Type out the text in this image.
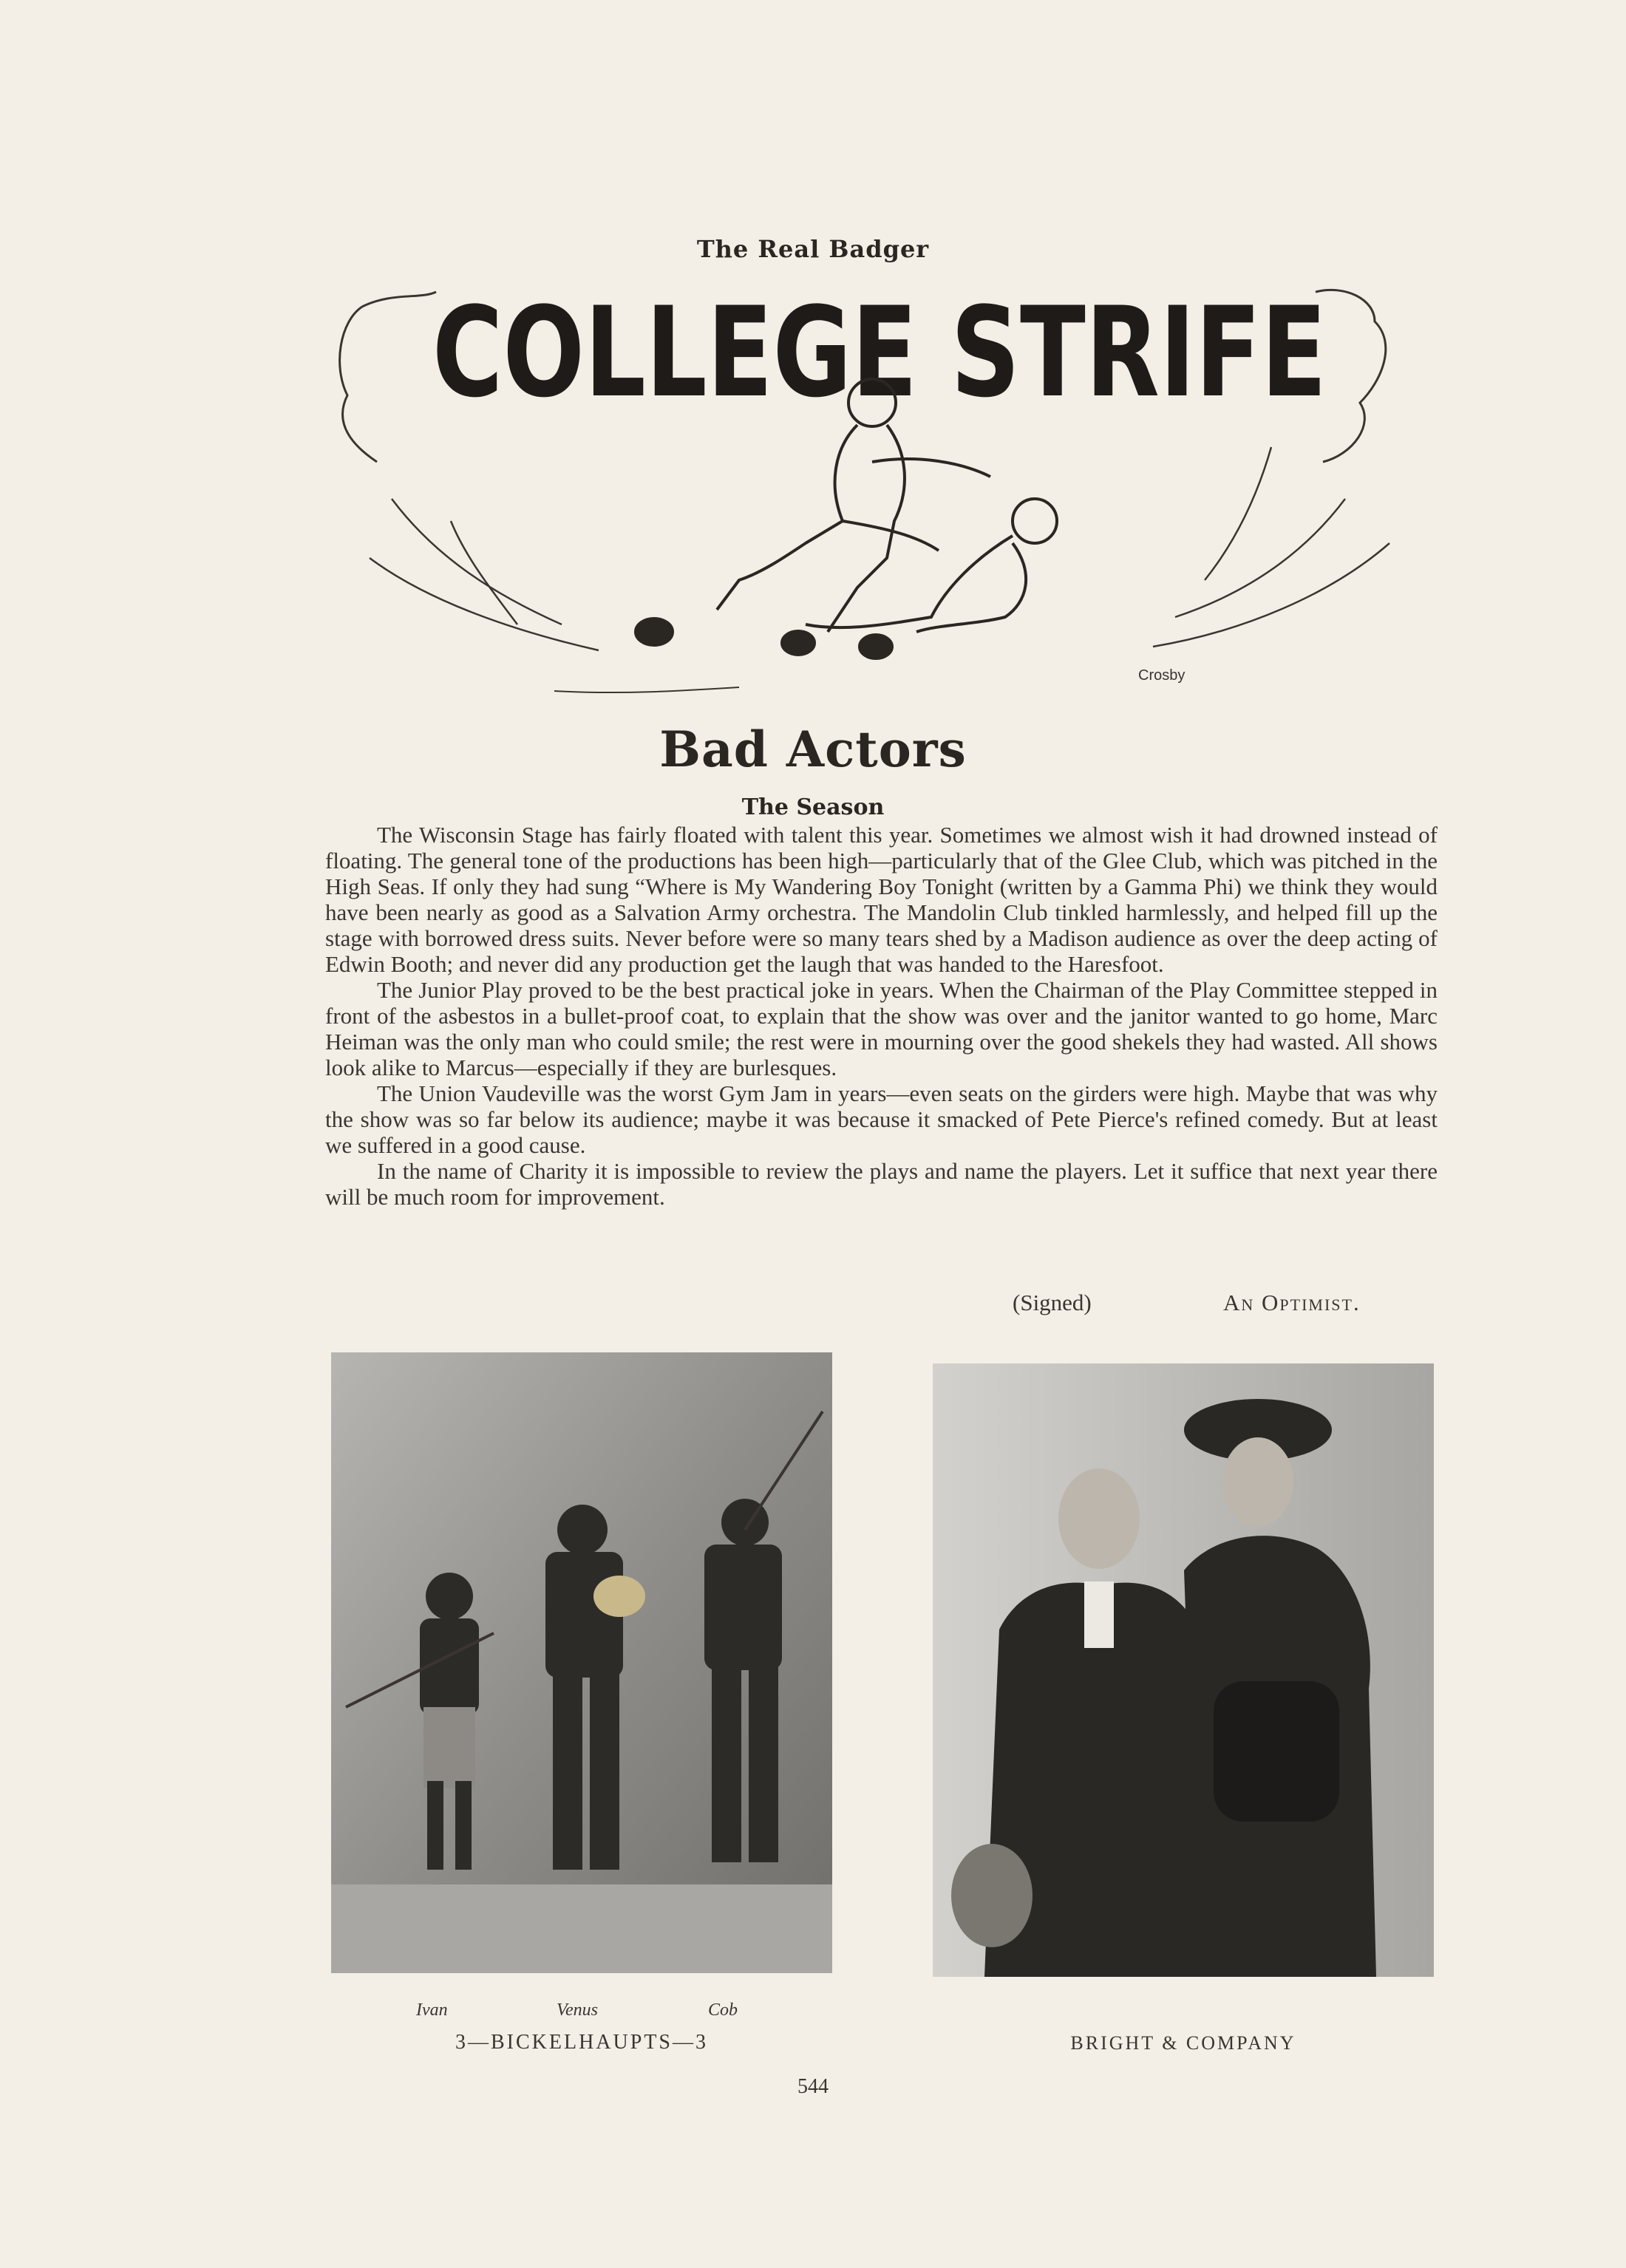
The Real Badger
COLLEGE STRIFE
Crosby
Bad Actors
The Season

The Wisconsin Stage has fairly floated with talent this year. Sometimes we almost wish it had drowned instead of floating. The general tone of the productions has been high—particularly that of the Glee Club, which was pitched in the High Seas. If only they had sung “Where is My Wandering Boy Tonight (written by a Gamma Phi) we think they would have been nearly as good as a Salvation Army orchestra. The Mandolin Club tinkled harmlessly, and helped fill up the stage with borrowed dress suits. Never before were so many tears shed by a Madison audience as over the deep acting of Edwin Booth; and never did any production get the laugh that was handed to the Haresfoot.

The Junior Play proved to be the best practical joke in years. When the Chairman of the Play Committee stepped in front of the asbestos in a bullet-proof coat, to explain that the show was over and the janitor wanted to go home, Marc Heiman was the only man who could smile; the rest were in mourning over the good shekels they had wasted. All shows look alike to Marcus—especially if they are burlesques.

The Union Vaudeville was the worst Gym Jam in years—even seats on the girders were high. Maybe that was why the show was so far below its audience; maybe it was because it smacked of Pete Pierce's refined comedy. But at least we suffered in a good cause.

In the name of Charity it is impossible to review the plays and name the players. Let it suffice that next year there will be much room for improvement.

(Signed)	An Optimist.
Ivan	Venus	Cob
3—BICKELHAUPTS—3	BRIGHT & COMPANY
544
